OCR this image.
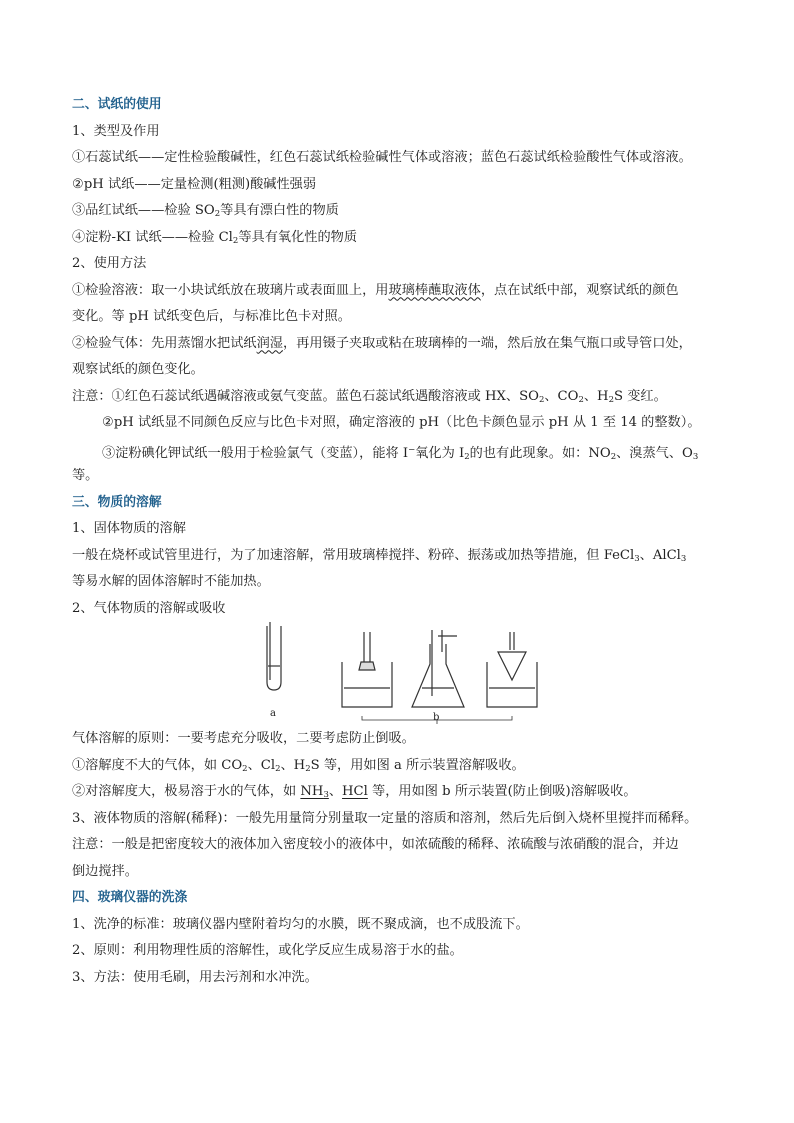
二、试纸的使用
1、类型及作用
①石蕊试纸——定性检验酸碱性，红色石蕊试纸检验碱性气体或溶液；蓝色石蕊试纸检验酸性气体或溶液。
②pH 试纸——定量检测(粗测)酸碱性强弱
③品红试纸——检验 $SO_2$等具有漂白性的物质
④淀粉-KI 试纸——检验 $Cl_2$等具有氧化性的物质
2、使用方法
①检验溶液：取一小块试纸放在玻璃片或表面皿上，用玻璃棒蘸取液体，点在试纸中部，观察试纸的颜色
变化。等 pH 试纸变色后，与标准比色卡对照。
②检验气体：先用蒸馏水把试纸润湿，再用镊子夹取或粘在玻璃棒的一端，然后放在集气瓶口或导管口处，
观察试纸的颜色变化。
注意：①红色石蕊试纸遇碱溶液或氨气变蓝。蓝色石蕊试纸遇酸溶液或 HX、$SO_2$、$CO_2$、$H_2S$ 变红。
②pH 试纸显不同颜色反应与比色卡对照，确定溶液的 pH（比色卡颜色显示 pH 从 1 至 14 的整数）。
③淀粉碘化钾试纸一般用于检验氯气（变蓝），能将 I−氧化为 $I_2$的也有此现象。如：$NO_2$、溴蒸气、$O_3$
等。
三、物质的溶解
1、固体物质的溶解
一般在烧杯或试管里进行，为了加速溶解，常用玻璃棒搅拌、粉碎、振荡或加热等措施，但 FeCl$_3$、AlCl$_3$
等易水解的固体溶解时不能加热。
2、气体物质的溶解或吸收
a	b
气体溶解的原则：一要考虑充分吸收，二要考虑防止倒吸。
①溶解度不大的气体，如 $CO_2$、$Cl_2$、$H_2S$ 等，用如图 a 所示装置溶解吸收。
②对溶解度大，极易溶于水的气体，如 $NH_3$、HCl 等，用如图 b 所示装置(防止倒吸)溶解吸收。
3、液体物质的溶解(稀释)：一般先用量筒分别量取一定量的溶质和溶剂，然后先后倒入烧杯里搅拌而稀释。
注意：一般是把密度较大的液体加入密度较小的液体中，如浓硫酸的稀释、浓硫酸与浓硝酸的混合，并边
倒边搅拌。
四、玻璃仪器的洗涤
1、洗净的标准：玻璃仪器内壁附着均匀的水膜，既不聚成滴，也不成股流下。
2、原则：利用物理性质的溶解性，或化学反应生成易溶于水的盐。
3、方法：使用毛刷，用去污剂和水冲洗。
